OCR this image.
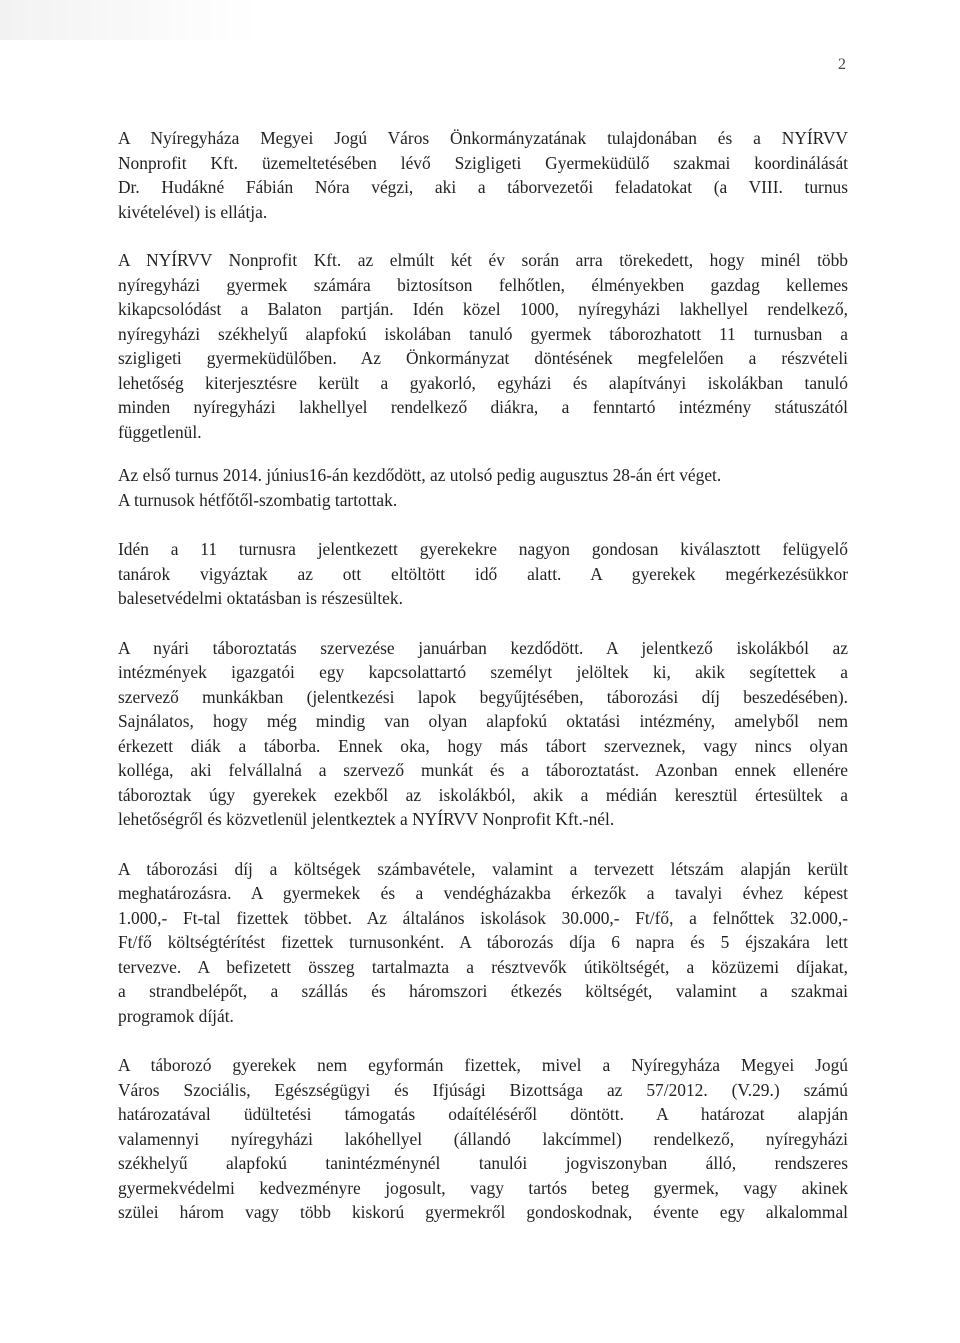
2

A Nyíregyháza Megyei Jogú Város Önkormányzatának tulajdonában és a NYÍRVV
Nonprofit Kft. üzemeltetésében lévő Szigligeti Gyermeküdülő szakmai koordinálását
Dr. Hudákné Fábián Nóra végzi, aki a táborvezetői feladatokat (a VIII. turnus
kivételével) is ellátja.

A NYÍRVV Nonprofit Kft. az elmúlt két év során arra törekedett, hogy minél több
nyíregyházi gyermek számára biztosítson felhőtlen, élményekben gazdag kellemes
kikapcsolódást a Balaton partján. Idén közel 1000, nyíregyházi lakhellyel rendelkező,
nyíregyházi székhelyű alapfokú iskolában tanuló gyermek táborozhatott 11 turnusban a
szigligeti gyermeküdülőben. Az Önkormányzat döntésének megfelelően a részvételi
lehetőség kiterjesztésre került a gyakorló, egyházi és alapítványi iskolákban tanuló
minden nyíregyházi lakhellyel rendelkező diákra, a fenntartó intézmény státuszától
függetlenül.

Az első turnus 2014. június16-án kezdődött, az utolsó pedig augusztus 28-án ért véget.
A turnusok hétfőtől-szombatig tartottak.

Idén a 11 turnusra jelentkezett gyerekekre nagyon gondosan kiválasztott felügyelő
tanárok vigyáztak az ott eltöltött idő alatt. A gyerekek megérkezésükkor
balesetvédelmi oktatásban is részesültek.

A nyári táboroztatás szervezése januárban kezdődött. A jelentkező iskolákból az
intézmények igazgatói egy kapcsolattartó személyt jelöltek ki, akik segítettek a
szervező munkákban (jelentkezési lapok begyűjtésében, táborozási díj beszedésében).
Sajnálatos, hogy még mindig van olyan alapfokú oktatási intézmény, amelyből nem
érkezett diák a táborba. Ennek oka, hogy más tábort szerveznek, vagy nincs olyan
kolléga, aki felvállalná a szervező munkát és a táboroztatást. Azonban ennek ellenére
táboroztak úgy gyerekek ezekből az iskolákból, akik a médián keresztül értesültek a
lehetőségről és közvetlenül jelentkeztek a NYÍRVV Nonprofit Kft.-nél.

A táborozási díj a költségek számbavétele, valamint a tervezett létszám alapján került
meghatározásra. A gyermekek és a vendégházakba érkezők a tavalyi évhez képest
1.000,- Ft-tal fizettek többet. Az általános iskolások 30.000,- Ft/fő, a felnőttek 32.000,-
Ft/fő költségtérítést fizettek turnusonként. A táborozás díja 6 napra és 5 éjszakára lett
tervezve. A befizetett összeg tartalmazta a résztvevők útiköltségét, a közüzemi díjakat,
a strandbelépőt, a szállás és háromszori étkezés költségét, valamint a szakmai
programok díját.

A táborozó gyerekek nem egyformán fizettek, mivel a Nyíregyháza Megyei Jogú
Város Szociális, Egészségügyi és Ifjúsági Bizottsága az 57/2012. (V.29.) számú
határozatával üdültetési támogatás odaítéléséről döntött. A határozat alapján
valamennyi nyíregyházi lakóhellyel (állandó lakcímmel) rendelkező, nyíregyházi
székhelyű alapfokú tanintézménynél tanulói jogviszonyban álló, rendszeres
gyermekvédelmi kedvezményre jogosult, vagy tartós beteg gyermek, vagy akinek
szülei három vagy több kiskorú gyermekről gondoskodnak, évente egy alkalommal
